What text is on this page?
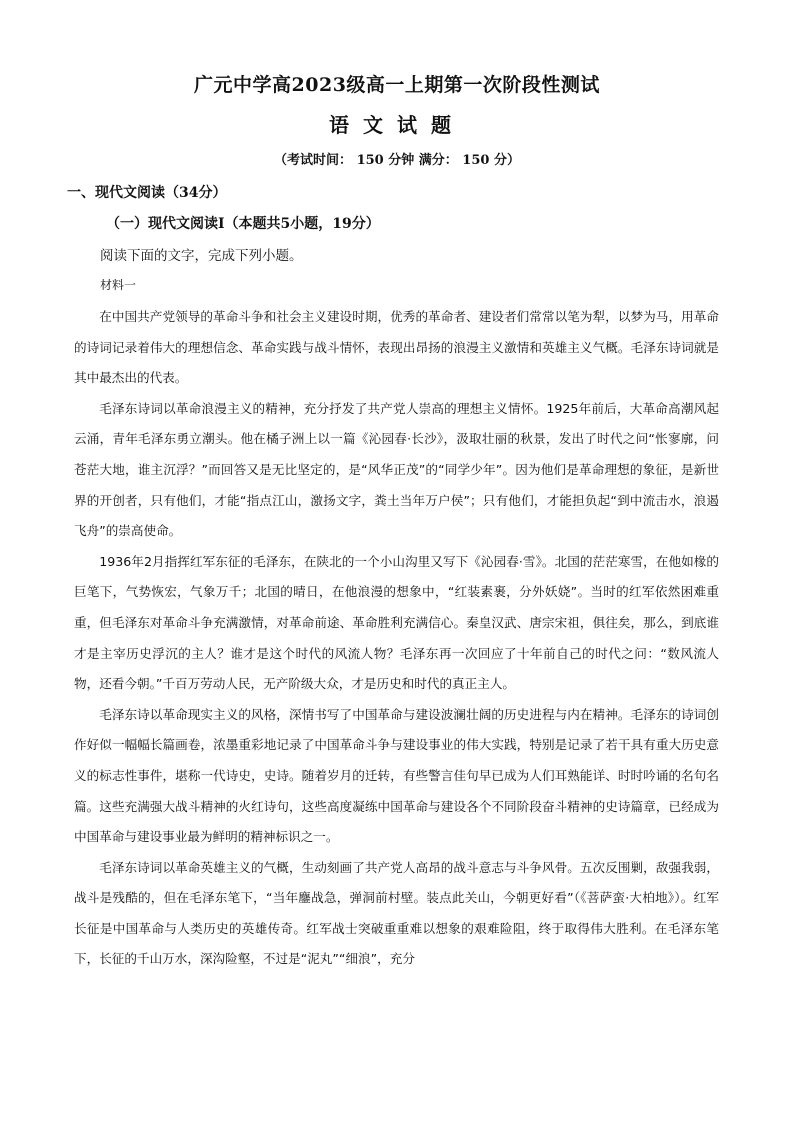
广元中学高2023级高一上期第一次阶段性测试
语文试题
（考试时间： 150 分钟 满分： 150 分）
一、现代文阅读（34分）
（一）现代文阅读Ⅰ（本题共5小题，19分）
阅读下面的文字，完成下列小题。
材料一

在中国共产党领导的革命斗争和社会主义建设时期，优秀的革命者、建设者们常常以笔为犁，以梦为马，用革命的诗词记录着伟大的理想信念、革命实践与战斗情怀，表现出昂扬的浪漫主义激情和英雄主义气概。毛泽东诗词就是其中最杰出的代表。

毛泽东诗词以革命浪漫主义的精神，充分抒发了共产党人崇高的理想主义情怀。1925年前后，大革命高潮风起云涌，青年毛泽东勇立潮头。他在橘子洲上以一篇《沁园春·长沙》，汲取壮丽的秋景，发出了时代之问“怅寥廓，问苍茫大地，谁主沉浮？”而回答又是无比坚定的，是“风华正茂”的“同学少年”。因为他们是革命理想的象征，是新世界的开创者，只有他们，才能“指点江山，激扬文字，粪土当年万户侯”；只有他们，才能担负起“到中流击水，浪遏飞舟”的崇高使命。

1936年2月指挥红军东征的毛泽东，在陕北的一个小山沟里又写下《沁园春·雪》。北国的茫茫寒雪，在他如椽的巨笔下，气势恢宏，气象万千；北国的晴日，在他浪漫的想象中，“红装素裹，分外妖娆”。当时的红军依然困难重重，但毛泽东对革命斗争充满激情，对革命前途、革命胜利充满信心。秦皇汉武、唐宗宋祖，俱往矣，那么，到底谁才是主宰历史浮沉的主人？谁才是这个时代的风流人物？毛泽东再一次回应了十年前自己的时代之问：“数风流人物，还看今朝。”千百万劳动人民，无产阶级大众，才是历史和时代的真正主人。

毛泽东诗以革命现实主义的风格，深情书写了中国革命与建设波澜壮阔的历史进程与内在精神。毛泽东的诗词创作好似一幅幅长篇画卷，浓墨重彩地记录了中国革命斗争与建设事业的伟大实践，特别是记录了若干具有重大历史意义的标志性事件，堪称一代诗史，史诗。随着岁月的迁转，有些警言佳句早已成为人们耳熟能详、时时吟诵的名句名篇。这些充满强大战斗精神的火红诗句，这些高度凝练中国革命与建设各个不同阶段奋斗精神的史诗篇章，已经成为中国革命与建设事业最为鲜明的精神标识之一。

毛泽东诗词以革命英雄主义的气概，生动刻画了共产党人高昂的战斗意志与斗争风骨。五次反围剿，敌强我弱，战斗是残酷的，但在毛泽东笔下，“当年鏖战急，弹洞前村壁。装点此关山，今朝更好看”（《菩萨蛮·大柏地》）。红军长征是中国革命与人类历史的英雄传奇。红军战士突破重重难以想象的艰难险阻，终于取得伟大胜利。在毛泽东笔下，长征的千山万水，深沟险壑，不过是“泥丸”“细浪”，充分
